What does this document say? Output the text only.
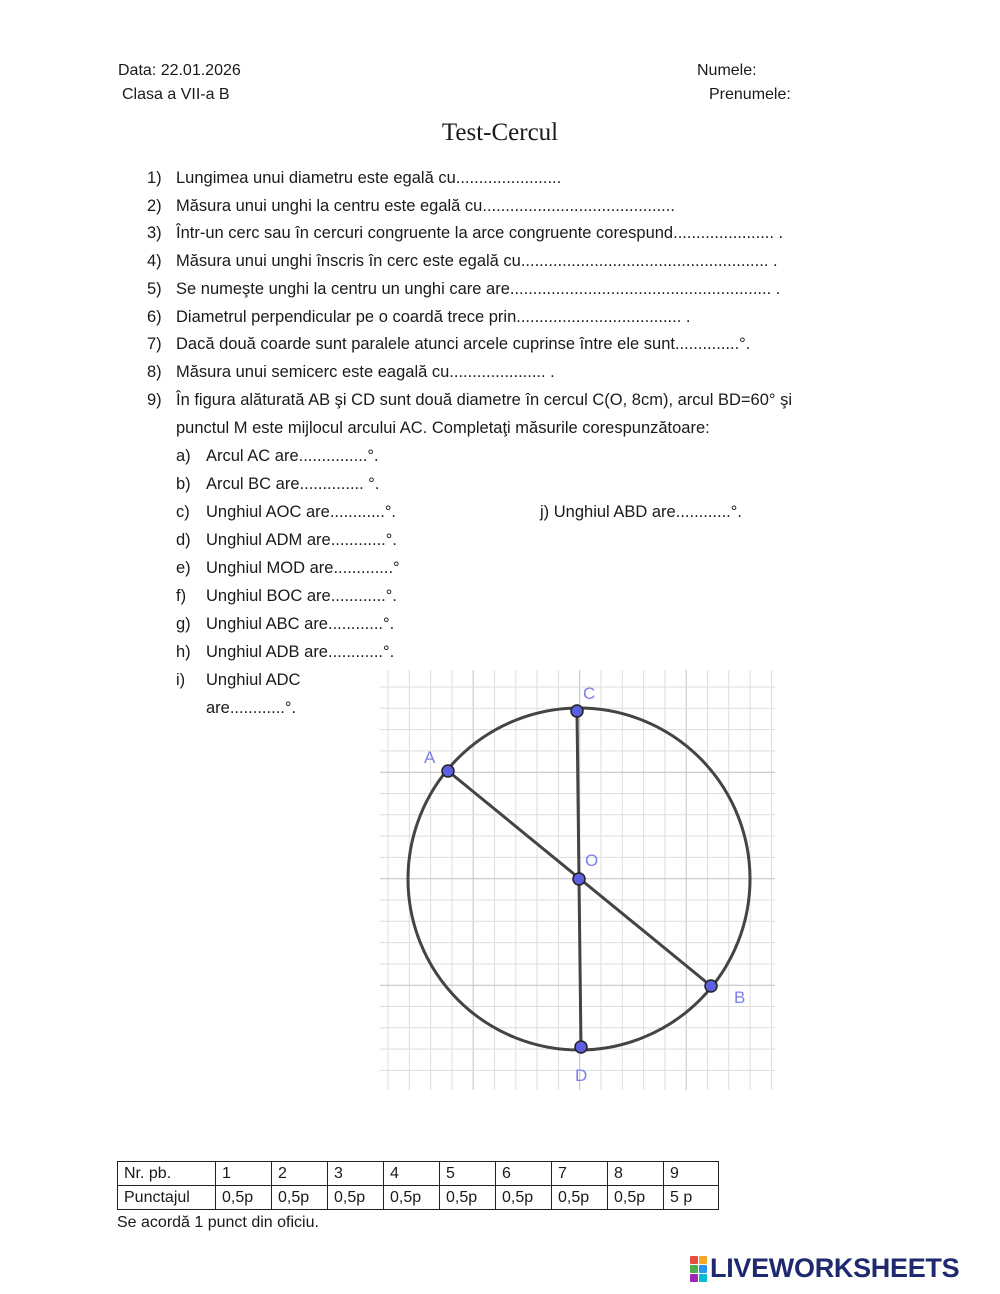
Data: 22.01.2026
Clasa a VII-a B
Numele:
Prenumele:
Test-Cercul
1) Lungimea unui diametru este egală cu.......................
2) Măsura unui unghi la centru este egală cu..........................................
3) Într-un cerc sau în cercuri congruente la arce congruente corespund...................... .
4) Măsura unui unghi înscris în cerc este egală cu...................................................... .
5) Se numeşte unghi la centru un unghi care are......................................................... .
6) Diametrul perpendicular pe o coardă trece prin.................................... .
7) Dacă două coarde sunt paralele atunci arcele cuprinse între ele sunt..............°.
8) Măsura unui semicerc este eagală cu..................... .
9) În figura alăturată AB şi CD sunt două diametre în cercul C(O, 8cm), arcul BD=60° şi
punctul M este mijlocul arcului AC. Completaţi măsurile corespunzătoare:
a) Arcul AC are...............°.
b) Arcul BC are.............. °.
c) Unghiul AOC are............°.
d) Unghiul ADM are............°.
e) Unghiul MOD are.............°
f) Unghiul BOC are............°.
g) Unghiul ABC are............°.
h) Unghiul ADB are............°.
i) Unghiul ADC
are............°.
j) Unghiul ABD are............°.
A
B
C
D
O
Nr. pb.	1	2	3	4	5	6	7	8	9
Punctajul	0,5p	0,5p	0,5p	0,5p	0,5p	0,5p	0,5p	0,5p	5 p
Se acordă 1 punct din oficiu.
LIVEWORKSHEETS
